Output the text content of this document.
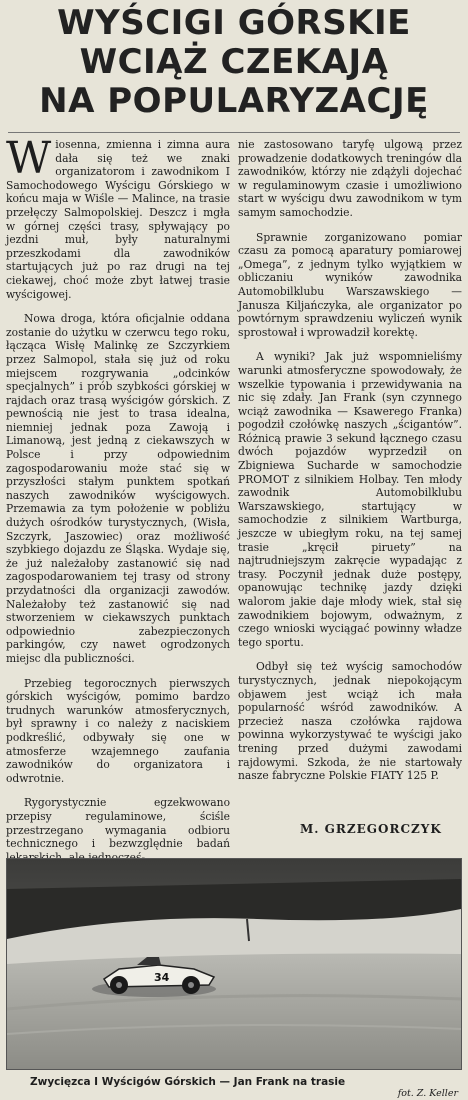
WYŚCIGI GÓRSKIE
WCIĄŻ CZEKAJĄ
NA POPULARYZACJĘ

Wiosenna, zmienna i zimna aura dała się też we znaki organizatorom i zawodnikom I Samochodowego Wyścigu Górskiego w końcu maja w Wiśle — Malince, na trasie przełęczy Salmopolskiej. Deszcz i mgła w górnej części trasy, spływający po jezdni muł, były naturalnymi przeszkodami dla zawodników startujących już po raz drugi na tej ciekawej, choć może zbyt łatwej trasie wyścigowej.

Nowa droga, która oficjalnie oddana zostanie do użytku w czerwcu tego roku, łącząca Wisłę Malinkę ze Szczyrkiem przez Salmopol, stała się już od roku miejscem rozgrywania „odcinków specjalnych” i prób szybkości górskiej w rajdach oraz trasą wyścigów górskich. Z pewnością nie jest to trasa idealna, niemniej jednak poza Zawoją i Limanową, jest jedną z ciekawszych w Polsce i przy odpowiednim zagospodarowaniu może stać się w przyszłości stałym punktem spotkań naszych zawodników wyścigowych. Przemawia za tym położenie w pobliżu dużych ośrodków turystycznych, (Wisła, Szczyrk, Jaszowiec) oraz możliwość szybkiego dojazdu ze Śląska. Wydaje się, że już należałoby zastanowić się nad zagospodarowaniem tej trasy od strony przydatności dla organizacji zawodów. Należałoby też zastanowić się nad stworzeniem w ciekawszych punktach odpowiednio zabezpieczonych parkingów, czy nawet ogrodzonych miejsc dla publiczności.

Przebieg tegorocznych pierwszych górskich wyścigów, pomimo bardzo trudnych warunków atmosferycznych, był sprawny i co należy z naciskiem podkreślić, odbywały się one w atmosferze wzajemnego zaufania zawodników do organizatora i odwrotnie.

Rygorystycznie egzekwowano przepisy regulaminowe, ściśle przestrzegano wymagania odbioru technicznego i bezwzględnie badań

nie zastosowano taryfę ulgową przez prowadzenie dodatkowych treningów dla zawodników, którzy nie zdążyli dojechać w regulaminowym czasie i umożliwiono start w wyścigu dwu zawodnikom w tym samym samochodzie.

Sprawnie zorganizowano pomiar czasu za pomocą aparatury pomiarowej „Omega”, z jednym tylko wyjątkiem w obliczaniu wyników zawodnika Automobilklubu Warszawskiego — Janusza Kiljańczyka, ale organizator po powtórnym sprawdzeniu wyliczeń wynik sprostował i wprowadził korektę.

A wyniki? Jak już wspomnieliśmy warunki atmosferyczne spowodowały, że wszelkie typowania i przewidywania na nic się zdały. Jan Frank (syn czynnego wciąż zawodnika — Ksawerego Franka) pogodził czołówkę naszych „ścigantów”. Różnicą prawie 3 sekund łącznego czasu dwóch pojazdów wyprzedził on Zbigniewa Sucharde w samochodzie PROMOT z silnikiem Holbay. Ten młody zawodnik Automobilklubu Warszawskiego, startujący w samochodzie z silnikiem Wartburga, jeszcze w ubiegłym roku, na tej samej trasie „kręcił piruety” na najtrudniejszym zakręcie wypadając z trasy. Poczynił jednak duże postępy, opanowując technikę jazdy dzięki walorom jakie daje młody wiek, stał się zawodnikiem bojowym, odważnym, z czego wnioski wyciągać powinny władze tego sportu.

Odbył się też wyścig samochodów turystycznych, jednak niepokojącym objawem jest wciąż ich mała popularność wśród zawodników. A przecież nasza czołówka rajdowa powinna wykorzystywać te wyścigi jako trening przed dużymi zawodami rajdowymi. Szkoda, że nie startowały nasze fabryczne Polskie FIATY 125 P.

M. GRZEGORCZYK
34
Zwycięzca I Wyścigów Górskich — Jan Frank na trasie
fot. Z. Keller
